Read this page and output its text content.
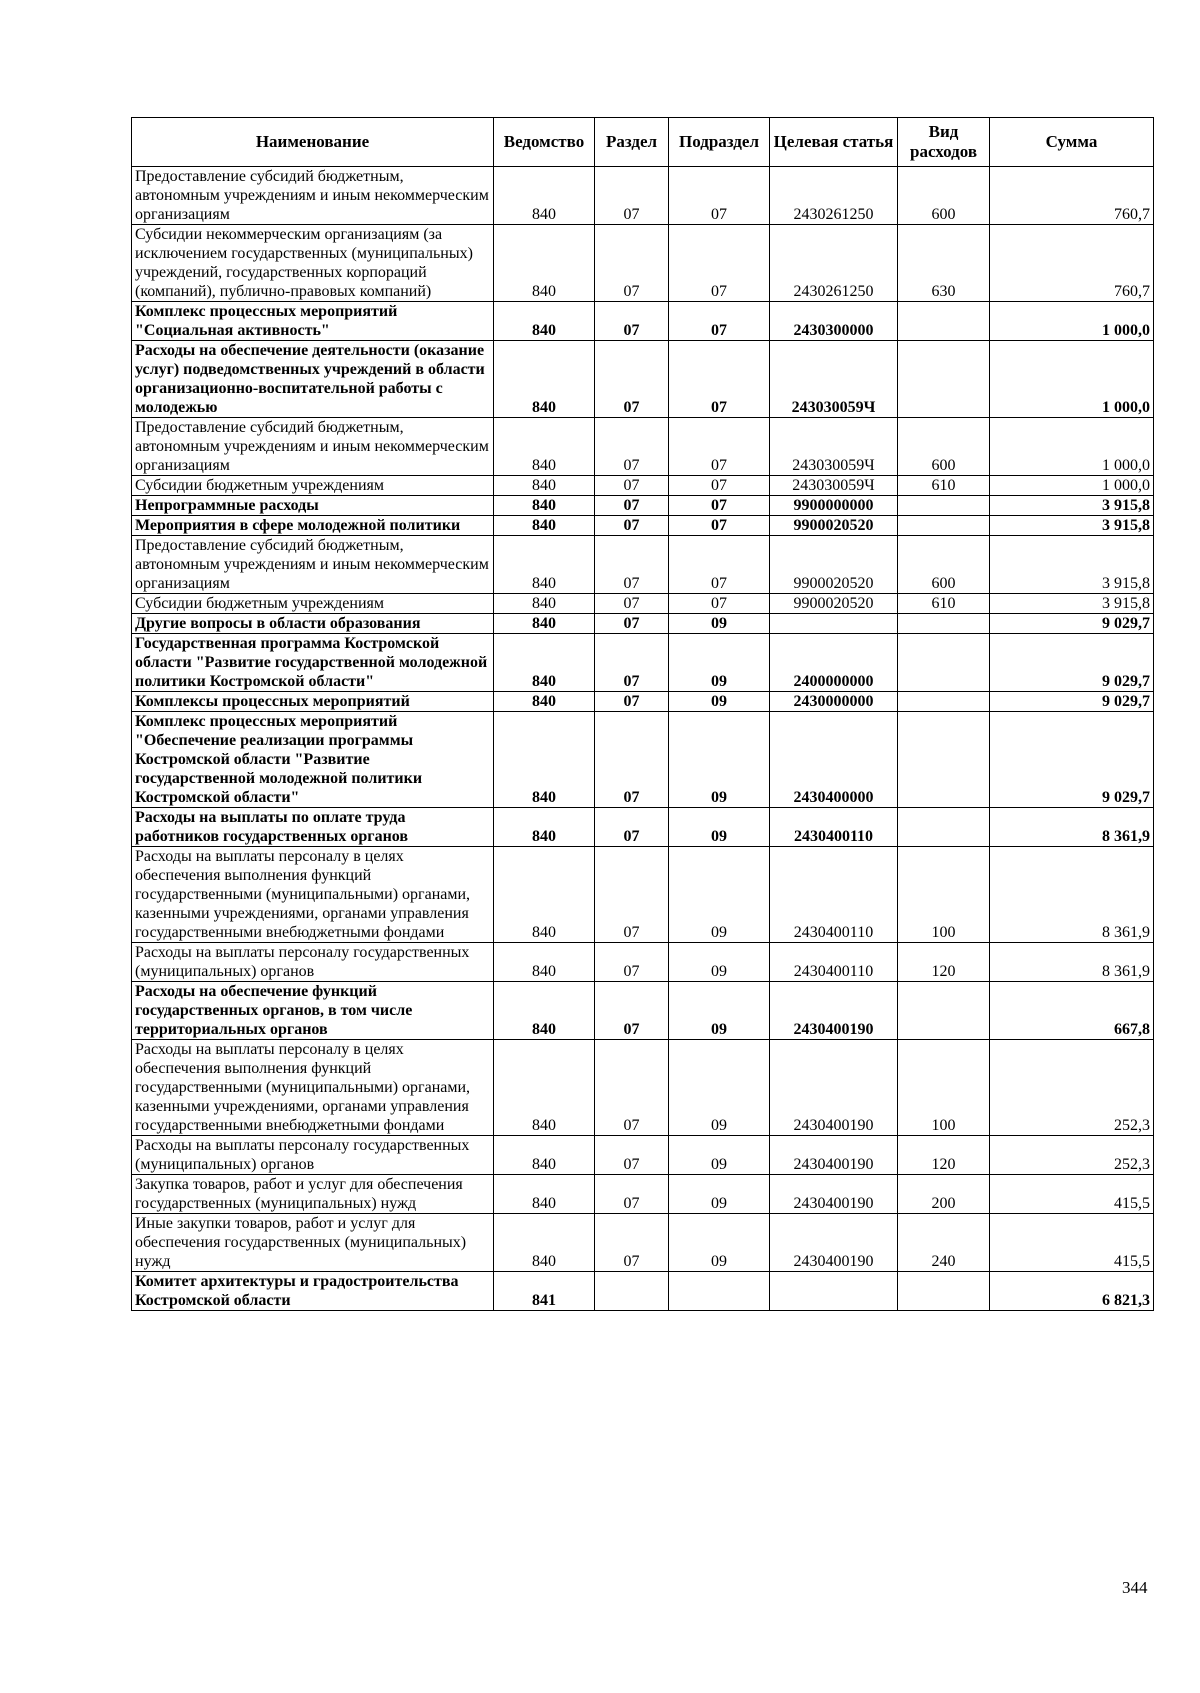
Наименование	Ведомство	Раздел	Подраздел	Целевая статья	Вид расходов	Сумма
Предоставление субсидий бюджетным, автономным учреждениям и иным некоммерческим организациям	840	07	07	2430261250	600	760,7
Субсидии некоммерческим организациям (за исключением государственных (муниципальных) учреждений, государственных корпораций (компаний), публично-правовых компаний)	840	07	07	2430261250	630	760,7
Комплекс процессных мероприятий "Социальная активность"	840	07	07	2430300000		1 000,0
Расходы на обеспечение деятельности (оказание услуг) подведомственных учреждений в области организационно-воспитательной работы с молодежью	840	07	07	243030059Ч		1 000,0
Предоставление субсидий бюджетным, автономным учреждениям и иным некоммерческим организациям	840	07	07	243030059Ч	600	1 000,0
Субсидии бюджетным учреждениям	840	07	07	243030059Ч	610	1 000,0
Непрограммные расходы	840	07	07	9900000000		3 915,8
Мероприятия в сфере молодежной политики	840	07	07	9900020520		3 915,8
Предоставление субсидий бюджетным, автономным учреждениям и иным некоммерческим организациям	840	07	07	9900020520	600	3 915,8
Субсидии бюджетным учреждениям	840	07	07	9900020520	610	3 915,8
Другие вопросы в области образования	840	07	09			9 029,7
Государственная программа Костромской области "Развитие государственной молодежной политики Костромской области"	840	07	09	2400000000		9 029,7
Комплексы процессных мероприятий	840	07	09	2430000000		9 029,7
Комплекс процессных мероприятий "Обеспечение реализации программы Костромской области "Развитие государственной молодежной политики Костромской области"	840	07	09	2430400000		9 029,7
Расходы на выплаты по оплате труда работников государственных органов	840	07	09	2430400110		8 361,9
Расходы на выплаты персоналу в целях обеспечения выполнения функций государственными (муниципальными) органами, казенными учреждениями, органами управления государственными внебюджетными фондами	840	07	09	2430400110	100	8 361,9
Расходы на выплаты персоналу государственных (муниципальных) органов	840	07	09	2430400110	120	8 361,9
Расходы на обеспечение функций государственных органов, в том числе территориальных органов	840	07	09	2430400190		667,8
Расходы на выплаты персоналу в целях обеспечения выполнения функций государственными (муниципальными) органами, казенными учреждениями, органами управления государственными внебюджетными фондами	840	07	09	2430400190	100	252,3
Расходы на выплаты персоналу государственных (муниципальных) органов	840	07	09	2430400190	120	252,3
Закупка товаров, работ и услуг для обеспечения государственных (муниципальных) нужд	840	07	09	2430400190	200	415,5
Иные закупки товаров, работ и услуг для обеспечения государственных (муниципальных) нужд	840	07	09	2430400190	240	415,5
Комитет архитектуры и градостроительства Костромской области	841					6 821,3
344
